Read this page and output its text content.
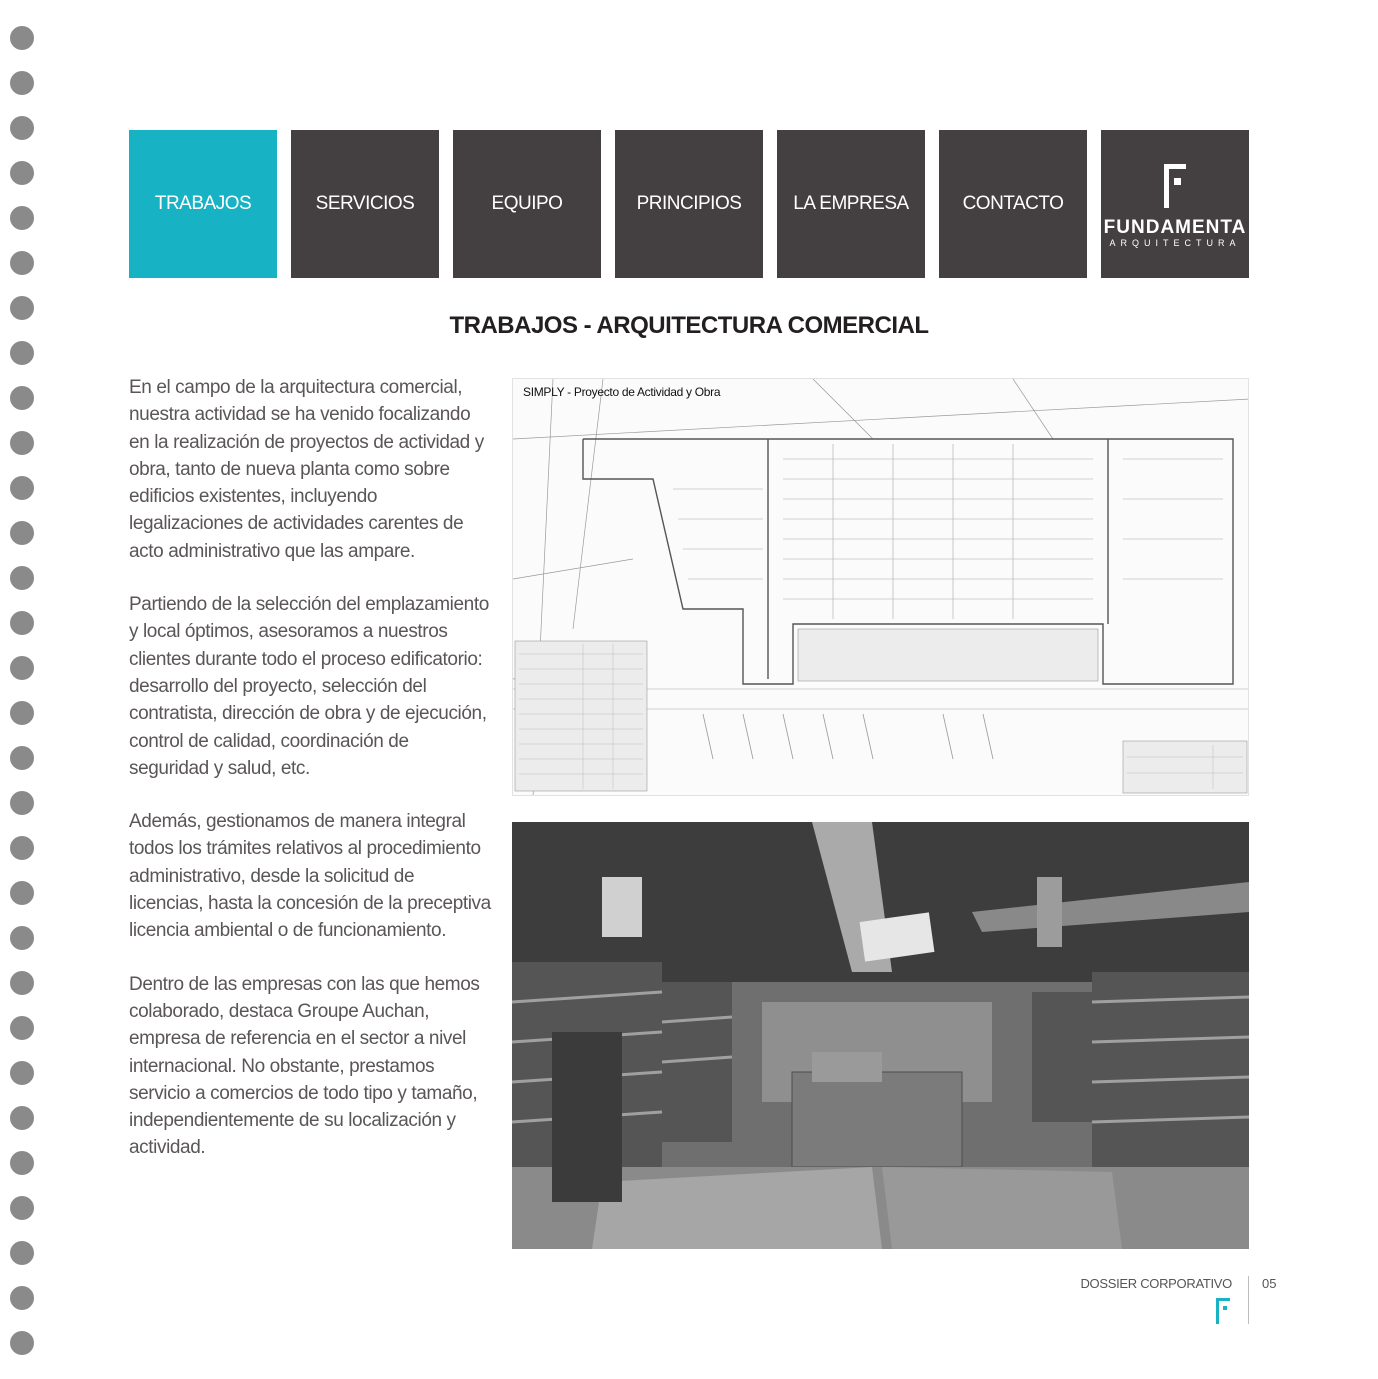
TRABAJOS	SERVICIOS	EQUIPO	PRINCIPIOS	LA EMPRESA	CONTACTO
FUNDAMENTA
ARQUITECTURA
TRABAJOS - ARQUITECTURA COMERCIAL

En el campo de la arquitectura comercial, nuestra actividad se ha venido focalizando en la realización de proyectos de actividad y obra, tanto de nueva planta como sobre edificios existentes, incluyendo legalizaciones de actividades carentes de acto administrativo que las ampare.

Partiendo de la selección del emplazamiento y local óptimos, asesoramos a nuestros clientes durante todo el proceso edificatorio: desarrollo del proyecto, selección del contratista, dirección de obra y de ejecución, control de calidad, coordinación de seguridad y salud, etc.

Además, gestionamos de manera integral todos los trámites relativos al procedimiento administrativo, desde la solicitud de licencias, hasta la concesión de la preceptiva licencia ambiental o de funcionamiento.

Dentro de las empresas con las que hemos colaborado, destaca Groupe Auchan, empresa de referencia en el sector a nivel internacional. No obstante, prestamos servicio a comercios de todo tipo y tamaño, independientemente de su localización y actividad.

SIMPLY - Proyecto de Actividad y Obra
DOSSIER CORPORATIVO 05
